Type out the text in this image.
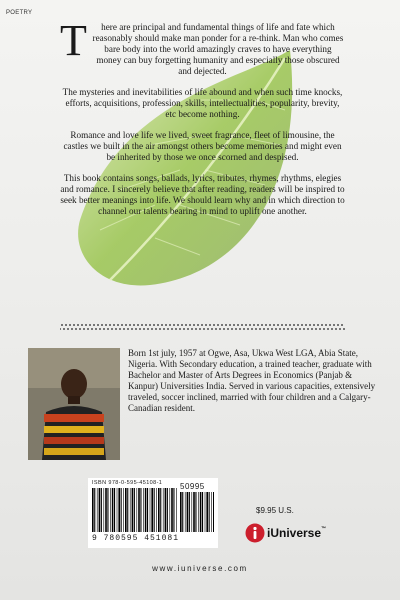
POETRY

T here are principal and fundamental things of life and fate which reasonably should make man ponder for a re-think. Man who comes bare body into the world amazingly craves to have everything money can buy forgetting humanity and especially those obscured and dejected.

The mysteries and inevitabilities of life abound and when such time knocks, efforts, acquisitions, profession, skills, intellectualities, popularity, brevity, etc become nothing.

Romance and love life we lived, sweet fragrance, fleet of limousine, the castles we built in the air amongst others become memories and might even be inherited by those we once scorned and despised.

This book contains songs, ballads, lyrics, tributes, rhymes, rhythms, elegies and romance. I sincerely believe that after reading, readers will be inspired to seek better meanings into life. We should learn why and in which direction to channel our talents bearing in mind to uplift one another.

Born 1st july, 1957 at Ogwe, Asa, Ukwa West LGA, Abia State, Nigeria. With Secondary education, a trained teacher, graduate with Bachelor and Master of Arts Degrees in Economics (Panjab & Kanpur) Universities India. Served in various capacities, extensively traveled, soccer inclined, married with four children and a Calgary-Canadian resident.
ISBN 978-0-595-45108-1
9 780595 451081
50995
$9.95 U.S.
iUniverse™
www.iuniverse.com
